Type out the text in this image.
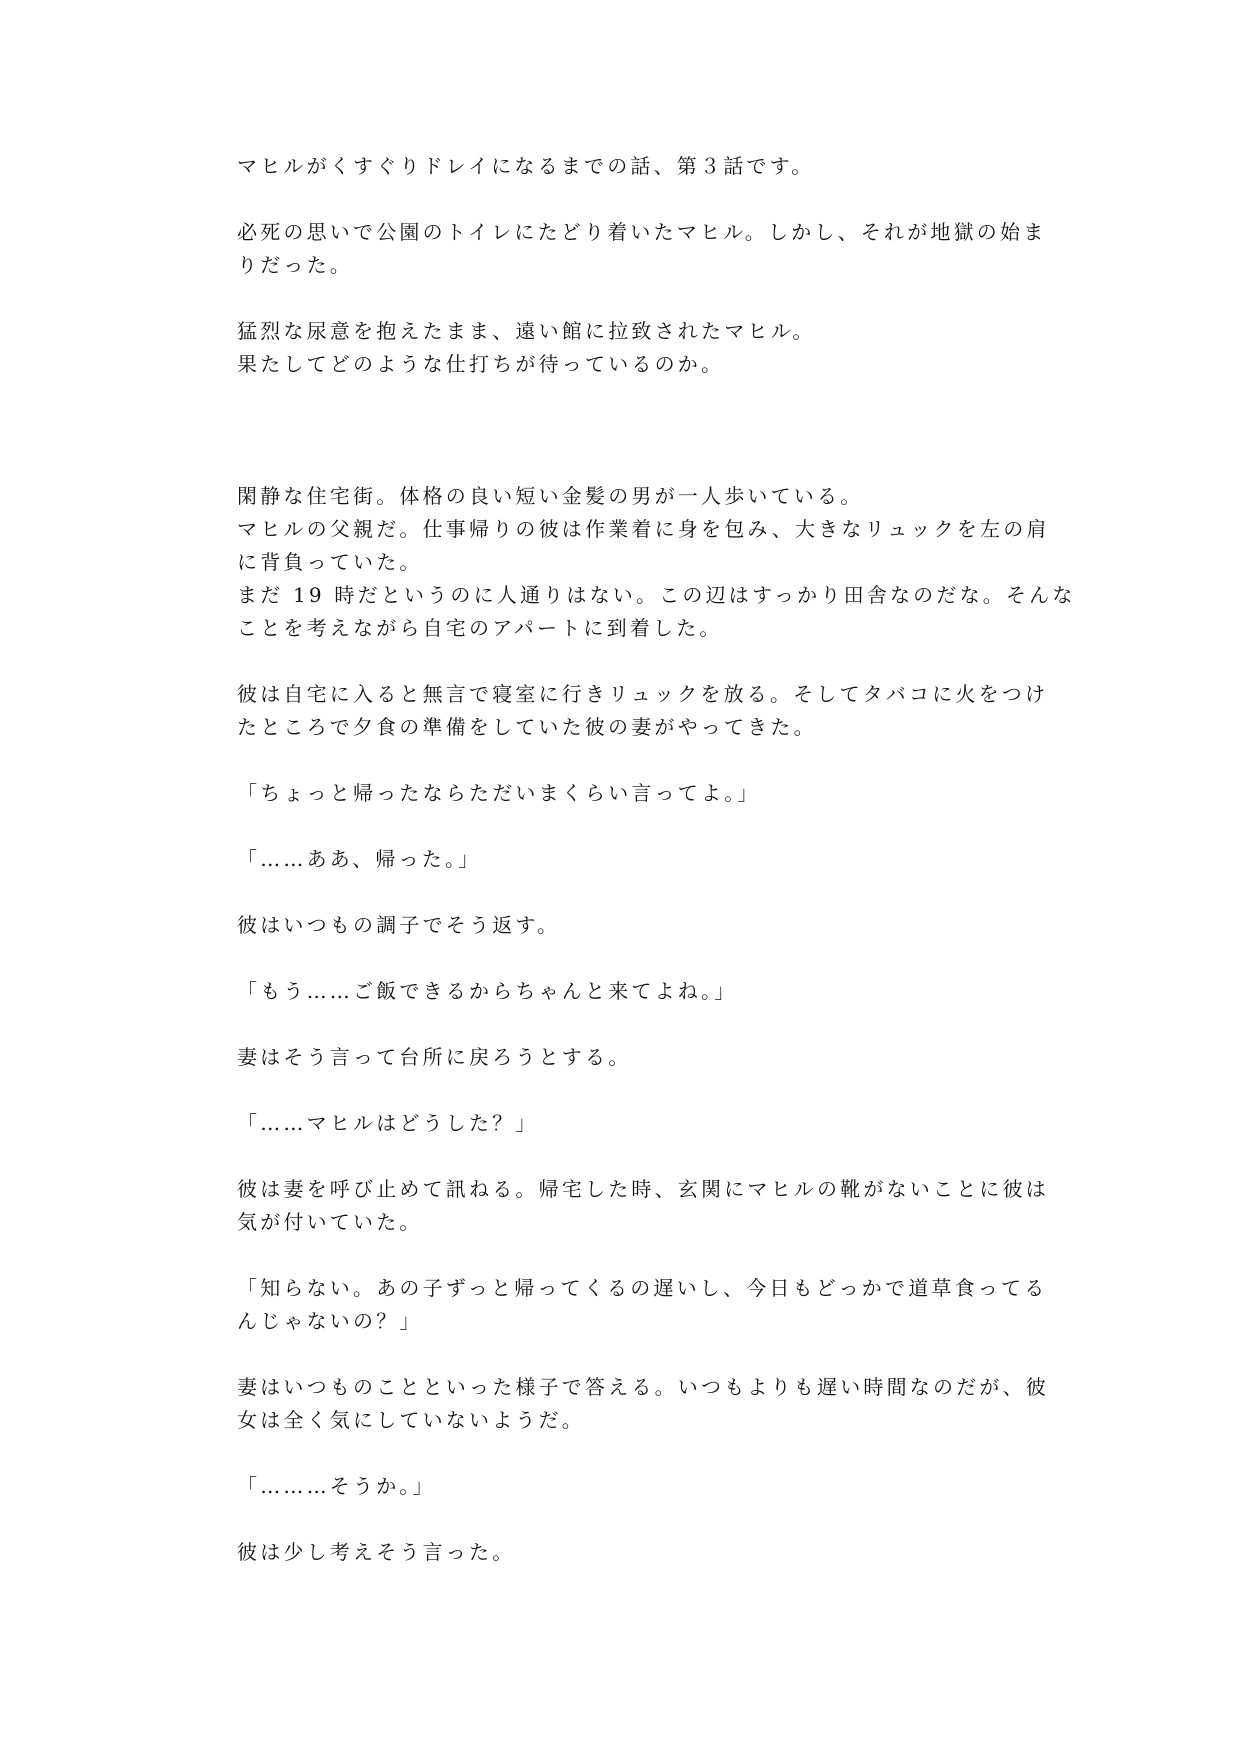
マヒルがくすぐりドレイになるまでの話、第３話です。
必死の思いで公園のトイレにたどり着いたマヒル。しかし、それが地獄の始ま
りだった。
猛烈な尿意を抱えたまま、遠い館に拉致されたマヒル。
果たしてどのような仕打ちが待っているのか。
閑静な住宅街。体格の良い短い金髪の男が一人歩いている。
マヒルの父親だ。仕事帰りの彼は作業着に身を包み、大きなリュックを左の肩
に背負っていた。
まだ 19 時だというのに人通りはない。この辺はすっかり田舎なのだな。そんな
ことを考えながら自宅のアパートに到着した。
彼は自宅に入ると無言で寝室に行きリュックを放る。そしてタバコに火をつけ
たところで夕食の準備をしていた彼の妻がやってきた。
「ちょっと帰ったならただいまくらい言ってよ。」
「……ああ、帰った。」
彼はいつもの調子でそう返す。
「もう……ご飯できるからちゃんと来てよね。」
妻はそう言って台所に戻ろうとする。
「……マヒルはどうした？」
彼は妻を呼び止めて訊ねる。帰宅した時、玄関にマヒルの靴がないことに彼は
気が付いていた。
「知らない。あの子ずっと帰ってくるの遅いし、今日もどっかで道草食ってる
んじゃないの？」
妻はいつものことといった様子で答える。いつもよりも遅い時間なのだが、彼
女は全く気にしていないようだ。
「………そうか。」
彼は少し考えそう言った。
